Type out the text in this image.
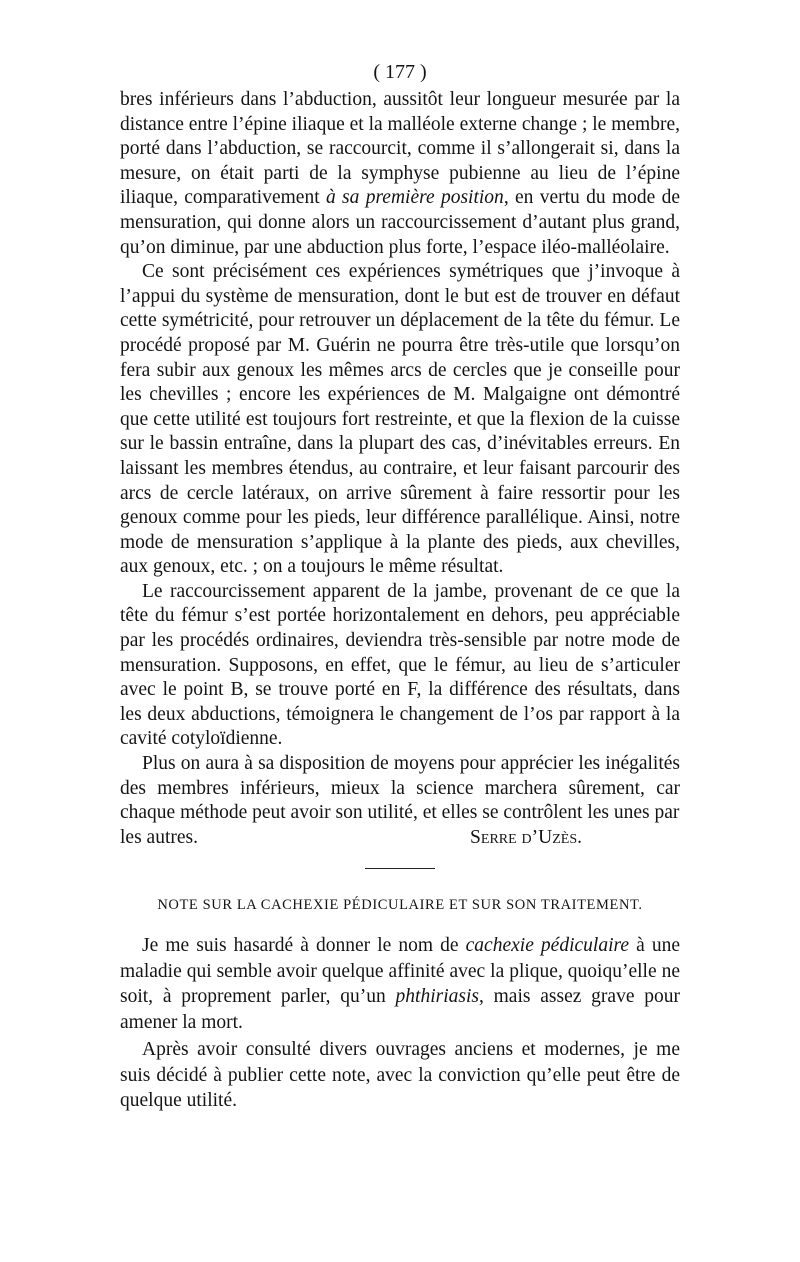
( 177 )

bres inférieurs dans l’abduction, aussitôt leur longueur mesurée par la distance entre l’épine iliaque et la malléole externe change ; le membre, porté dans l’abduction, se raccourcit, comme il s’allongerait si, dans la mesure, on était parti de la symphyse pubienne au lieu de l’épine iliaque, comparativement à sa première position, en vertu du mode de mensuration, qui donne alors un raccourcissement d’autant plus grand, qu’on diminue, par une abduction plus forte, l’espace iléo-malléolaire.

Ce sont précisément ces expériences symétriques que j’invoque à l’appui du système de mensuration, dont le but est de trouver en défaut cette symétricité, pour retrouver un déplacement de la tête du fémur. Le procédé proposé par M. Guérin ne pourra être très-utile que lorsqu’on fera subir aux genoux les mêmes arcs de cercles que je conseille pour les chevilles ; encore les expériences de M. Malgaigne ont démontré que cette utilité est toujours fort restreinte, et que la flexion de la cuisse sur le bassin entraîne, dans la plupart des cas, d’inévitables erreurs. En laissant les membres étendus, au contraire, et leur faisant parcourir des arcs de cercle latéraux, on arrive sûrement à faire ressortir pour les genoux comme pour les pieds, leur différence parallélique. Ainsi, notre mode de mensuration s’applique à la plante des pieds, aux chevilles, aux genoux, etc. ; on a toujours le même résultat.

Le raccourcissement apparent de la jambe, provenant de ce que la tête du fémur s’est portée horizontalement en dehors, peu appréciable par les procédés ordinaires, deviendra très-sensible par notre mode de mensuration. Supposons, en effet, que le fémur, au lieu de s’articuler avec le point B, se trouve porté en F, la différence des résultats, dans les deux abductions, témoignera le changement de l’os par rapport à la cavité cotyloïdienne.

Plus on aura à sa disposition de moyens pour apprécier les inégalités des membres inférieurs, mieux la science marchera sûrement, car chaque méthode peut avoir son utilité, et elles se contrôlent les unes par

les autres.	Serre d’Uzès.
NOTE SUR LA CACHEXIE PÉDICULAIRE ET SUR SON TRAITEMENT.

Je me suis hasardé à donner le nom de cachexie pédiculaire à une maladie qui semble avoir quelque affinité avec la plique, quoiqu’elle ne soit, à proprement parler, qu’un phthiriasis, mais assez grave pour amener la mort.

Après avoir consulté divers ouvrages anciens et modernes, je me suis décidé à publier cette note, avec la conviction qu’elle peut être de quelque utilité.
